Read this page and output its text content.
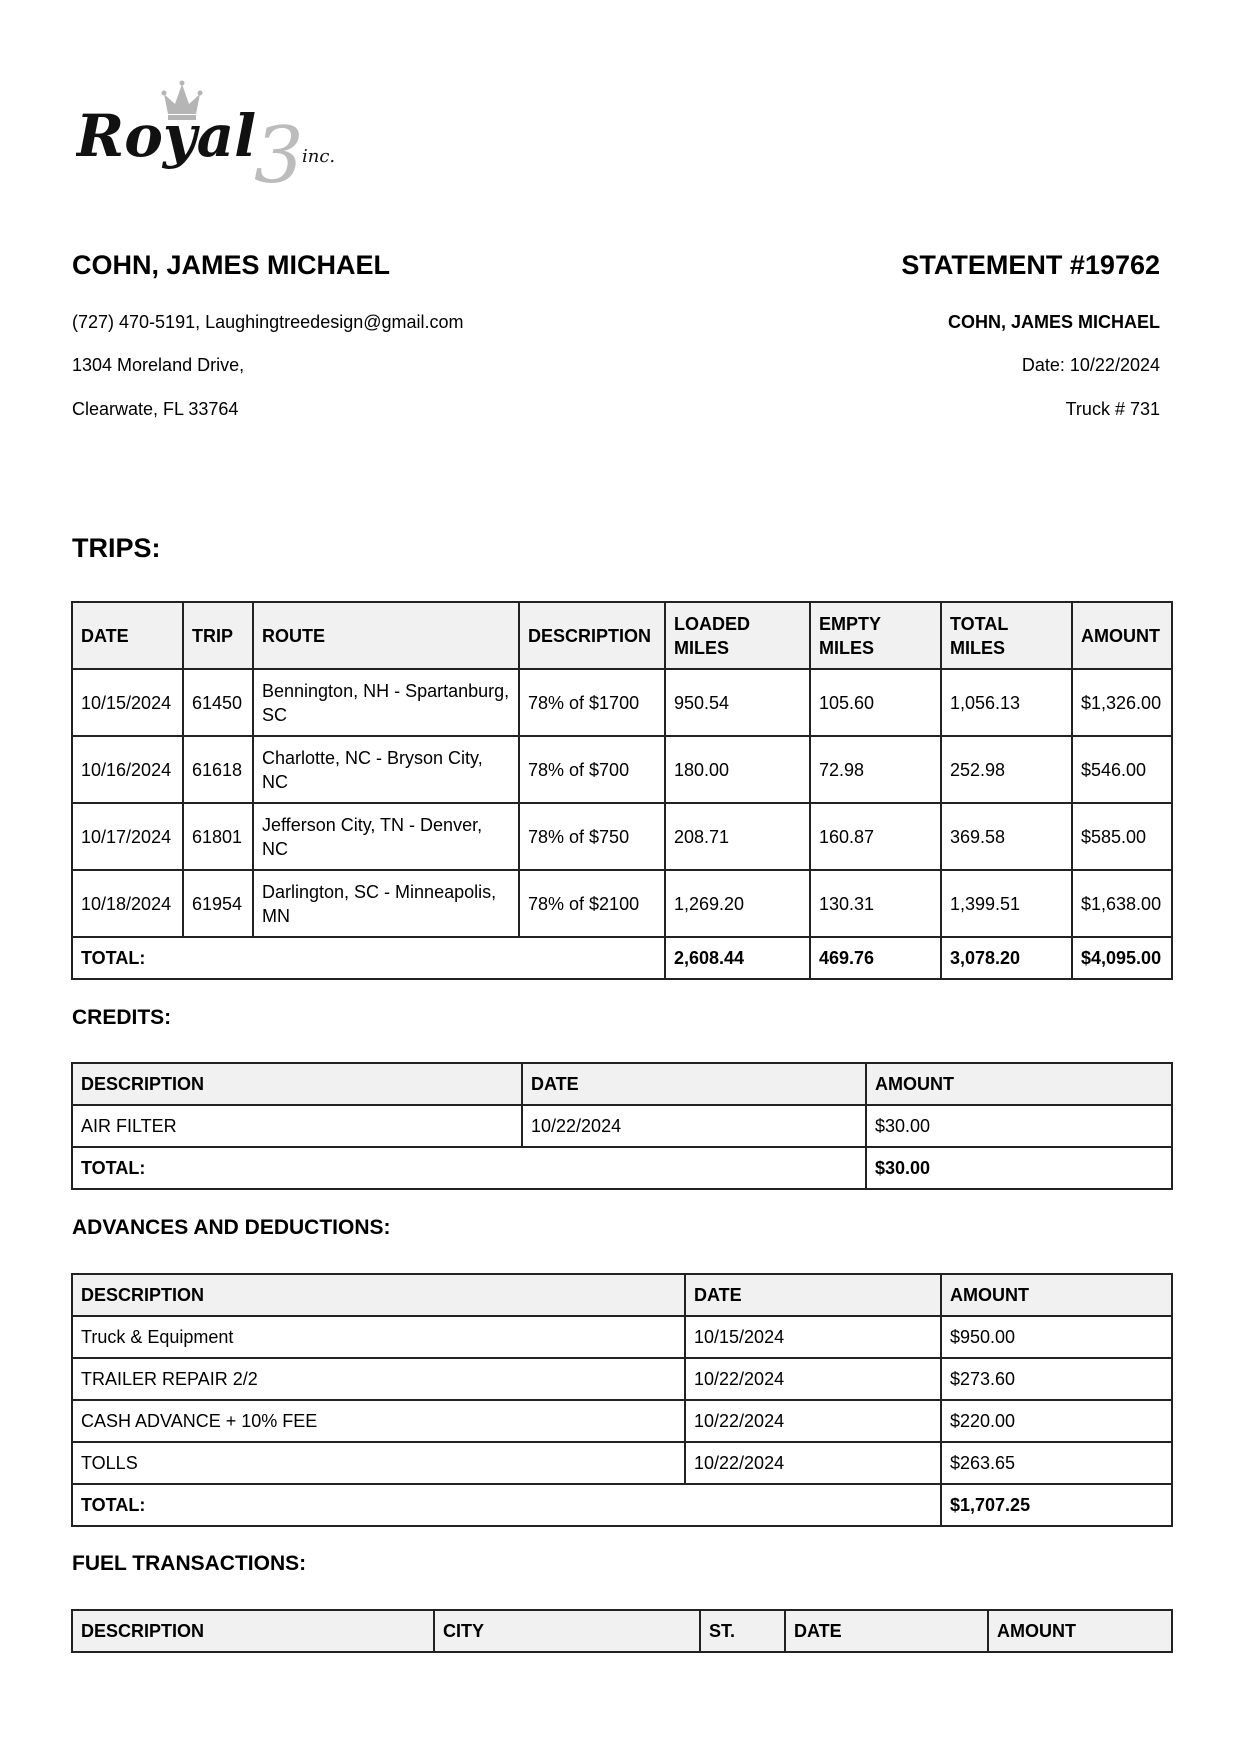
3
Royal	inc.
COHN, JAMES MICHAEL
(727) 470-5191, Laughingtreedesign@gmail.com
1304 Moreland Drive,
Clearwate, FL 33764
STATEMENT #19762
COHN, JAMES MICHAEL
Date: 10/22/2024
Truck # 731
TRIPS:
DATE	TRIP	ROUTE	DESCRIPTION	LOADED MILES	EMPTY MILES	TOTAL MILES	AMOUNT
10/15/2024	61450	Bennington, NH - Spartanburg, SC	78% of $1700	950.54	105.60	1,056.13	$1,326.00
10/16/2024	61618	Charlotte, NC - Bryson City, NC	78% of $700	180.00	72.98	252.98	$546.00
10/17/2024	61801	Jefferson City, TN - Denver, NC	78% of $750	208.71	160.87	369.58	$585.00
10/18/2024	61954	Darlington, SC - Minneapolis, MN	78% of $2100	1,269.20	130.31	1,399.51	$1,638.00
TOTAL:				2,608.44	469.76	3,078.20	$4,095.00
CREDITS:
DESCRIPTION	DATE	AMOUNT
AIR FILTER	10/22/2024	$30.00
TOTAL:		$30.00
ADVANCES AND DEDUCTIONS:
DESCRIPTION	DATE	AMOUNT
Truck & Equipment	10/15/2024	$950.00
TRAILER REPAIR 2/2	10/22/2024	$273.60
CASH ADVANCE + 10% FEE	10/22/2024	$220.00
TOLLS	10/22/2024	$263.65
TOTAL:		$1,707.25
FUEL TRANSACTIONS:
DESCRIPTION	CITY	ST.	DATE	AMOUNT
